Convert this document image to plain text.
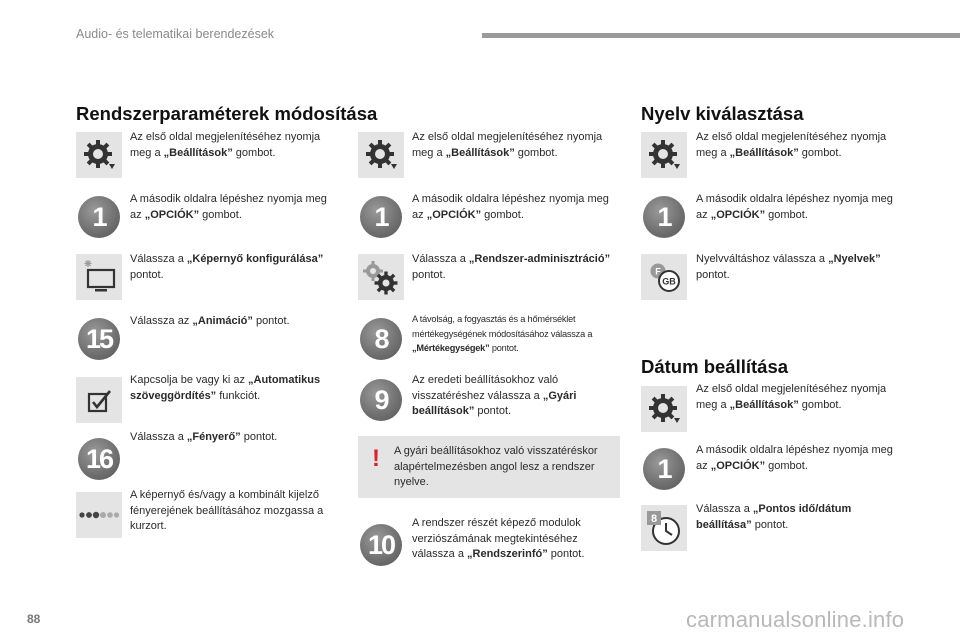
Audio- és telematikai berendezések
Rendszerparaméterek módosítása
Az első oldal megjelenítéséhez nyomja meg a „Beállítások” gombot.
1
A második oldalra lépéshez nyomja meg az „OPCIÓK” gombot.
Válassza a „Képernyő konfigurálása” pontot.
15
Válassza az „Animáció” pontot.
Kapcsolja be vagy ki az „Automatikus szöveggördítés” funkciót.
16
Válassza a „Fényerő” pontot.
A képernyő és/vagy a kombinált kijelző fényerejének beállításához mozgassa a kurzort.
Az első oldal megjelenítéséhez nyomja meg a „Beállítások” gombot.
1
A második oldalra lépéshez nyomja meg az „OPCIÓK” gombot.
Válassza a „Rendszer-adminisztráció” pontot.
8
A távolság, a fogyasztás és a hőmérséklet mértékegységének módosításához válassza a „Mértékegységek” pontot.
9
Az eredeti beállításokhoz való visszatéréshez válassza a „Gyári beállítások” pontot.
! A gyári beállításokhoz való visszatéréskor alapértelmezésben angol lesz a rendszer nyelve.
10
A rendszer részét képező modulok verziószámának megtekintéséhez válassza a „Rendszerinfó” pontot.
Nyelv kiválasztása
Az első oldal megjelenítéséhez nyomja meg a „Beállítások” gombot.
1
A második oldalra lépéshez nyomja meg az „OPCIÓK” gombot.
F
GB
Nyelvváltáshoz válassza a „Nyelvek” pontot.
Dátum beállítása
Az első oldal megjelenítéséhez nyomja meg a „Beállítások” gombot.
1
A második oldalra lépéshez nyomja meg az „OPCIÓK” gombot.
8
Válassza a „Pontos idő/dátum beállítása” pontot.
88	carmanualsonline.info
